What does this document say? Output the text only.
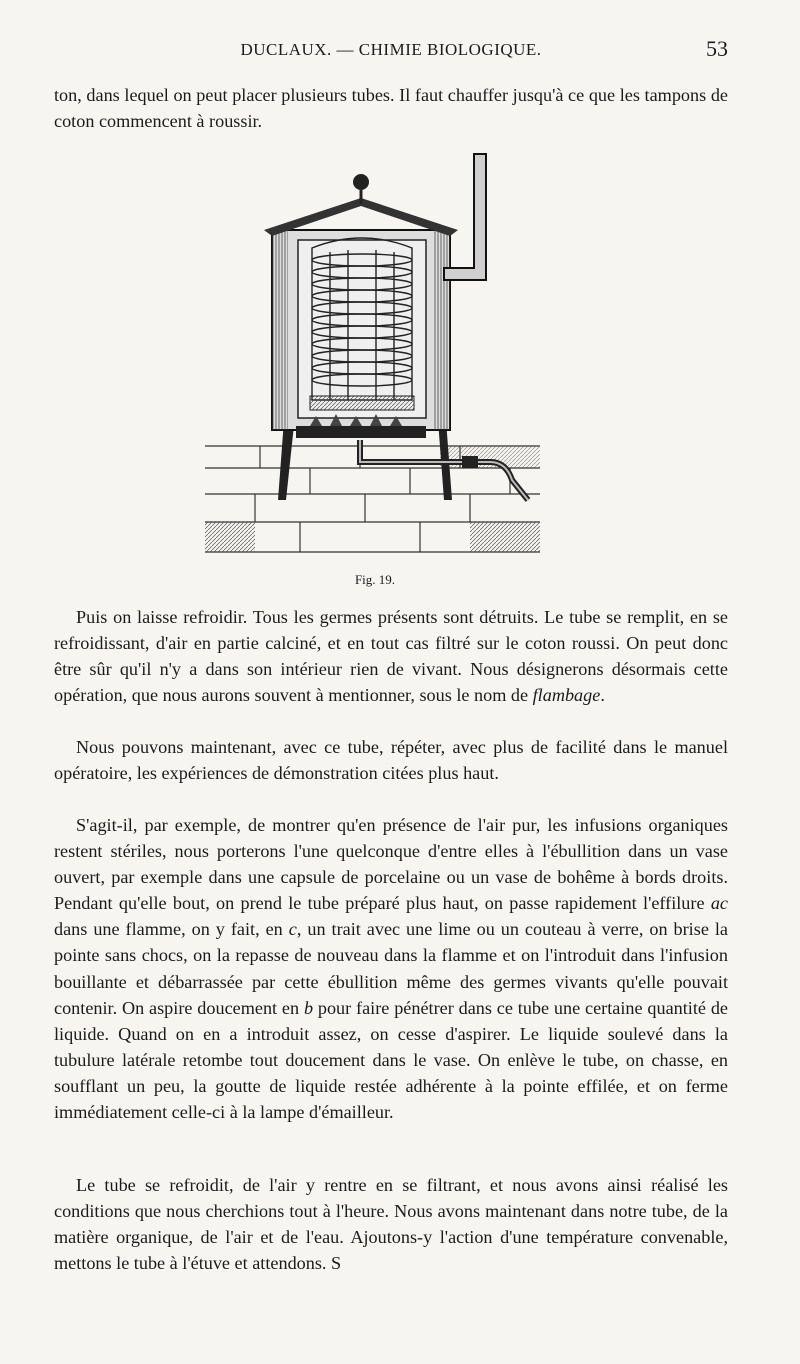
DUCLAUX. — CHIMIE BIOLOGIQUE.	53

ton, dans lequel on peut placer plusieurs tubes. Il faut chauffer jusqu'à ce que les tampons de coton commencent à roussir.

Fig. 19.

Puis on laisse refroidir. Tous les germes présents sont détruits. Le tube se remplit, en se refroidissant, d'air en partie calciné, et en tout cas filtré sur le coton roussi. On peut donc être sûr qu'il n'y a dans son intérieur rien de vivant. Nous désignerons désormais cette opération, que nous aurons souvent à mentionner, sous le nom de flambage.

Nous pouvons maintenant, avec ce tube, répéter, avec plus de facilité dans le manuel opératoire, les expériences de démonstration citées plus haut.

S'agit-il, par exemple, de montrer qu'en présence de l'air pur, les infusions organiques restent stériles, nous porterons l'une quelconque d'entre elles à l'ébullition dans un vase ouvert, par exemple dans une capsule de porcelaine ou un vase de bohême à bords droits. Pendant qu'elle bout, on prend le tube préparé plus haut, on passe rapidement l'effilure ac dans une flamme, on y fait, en c, un trait avec une lime ou un couteau à verre, on brise la pointe sans chocs, on la repasse de nouveau dans la flamme et on l'introduit dans l'infusion bouillante et débarrassée par cette ébullition même des germes vivants qu'elle pouvait contenir. On aspire doucement en b pour faire pénétrer dans ce tube une certaine quantité de liquide. Quand on en a introduit assez, on cesse d'aspirer. Le liquide soulevé dans la tubulure latérale retombe tout doucement dans le vase. On enlève le tube, on chasse, en soufflant un peu, la goutte de liquide restée adhérente à la pointe effilée, et on ferme immédiatement celle-ci à la lampe d'émailleur.

Le tube se refroidit, de l'air y rentre en se filtrant, et nous avons ainsi réalisé les conditions que nous cherchions tout à l'heure. Nous avons maintenant dans notre tube, de la matière organique, de l'air et de l'eau. Ajoutons-y l'action d'une température convenable, mettons le tube à l'étuve et attendons. S
